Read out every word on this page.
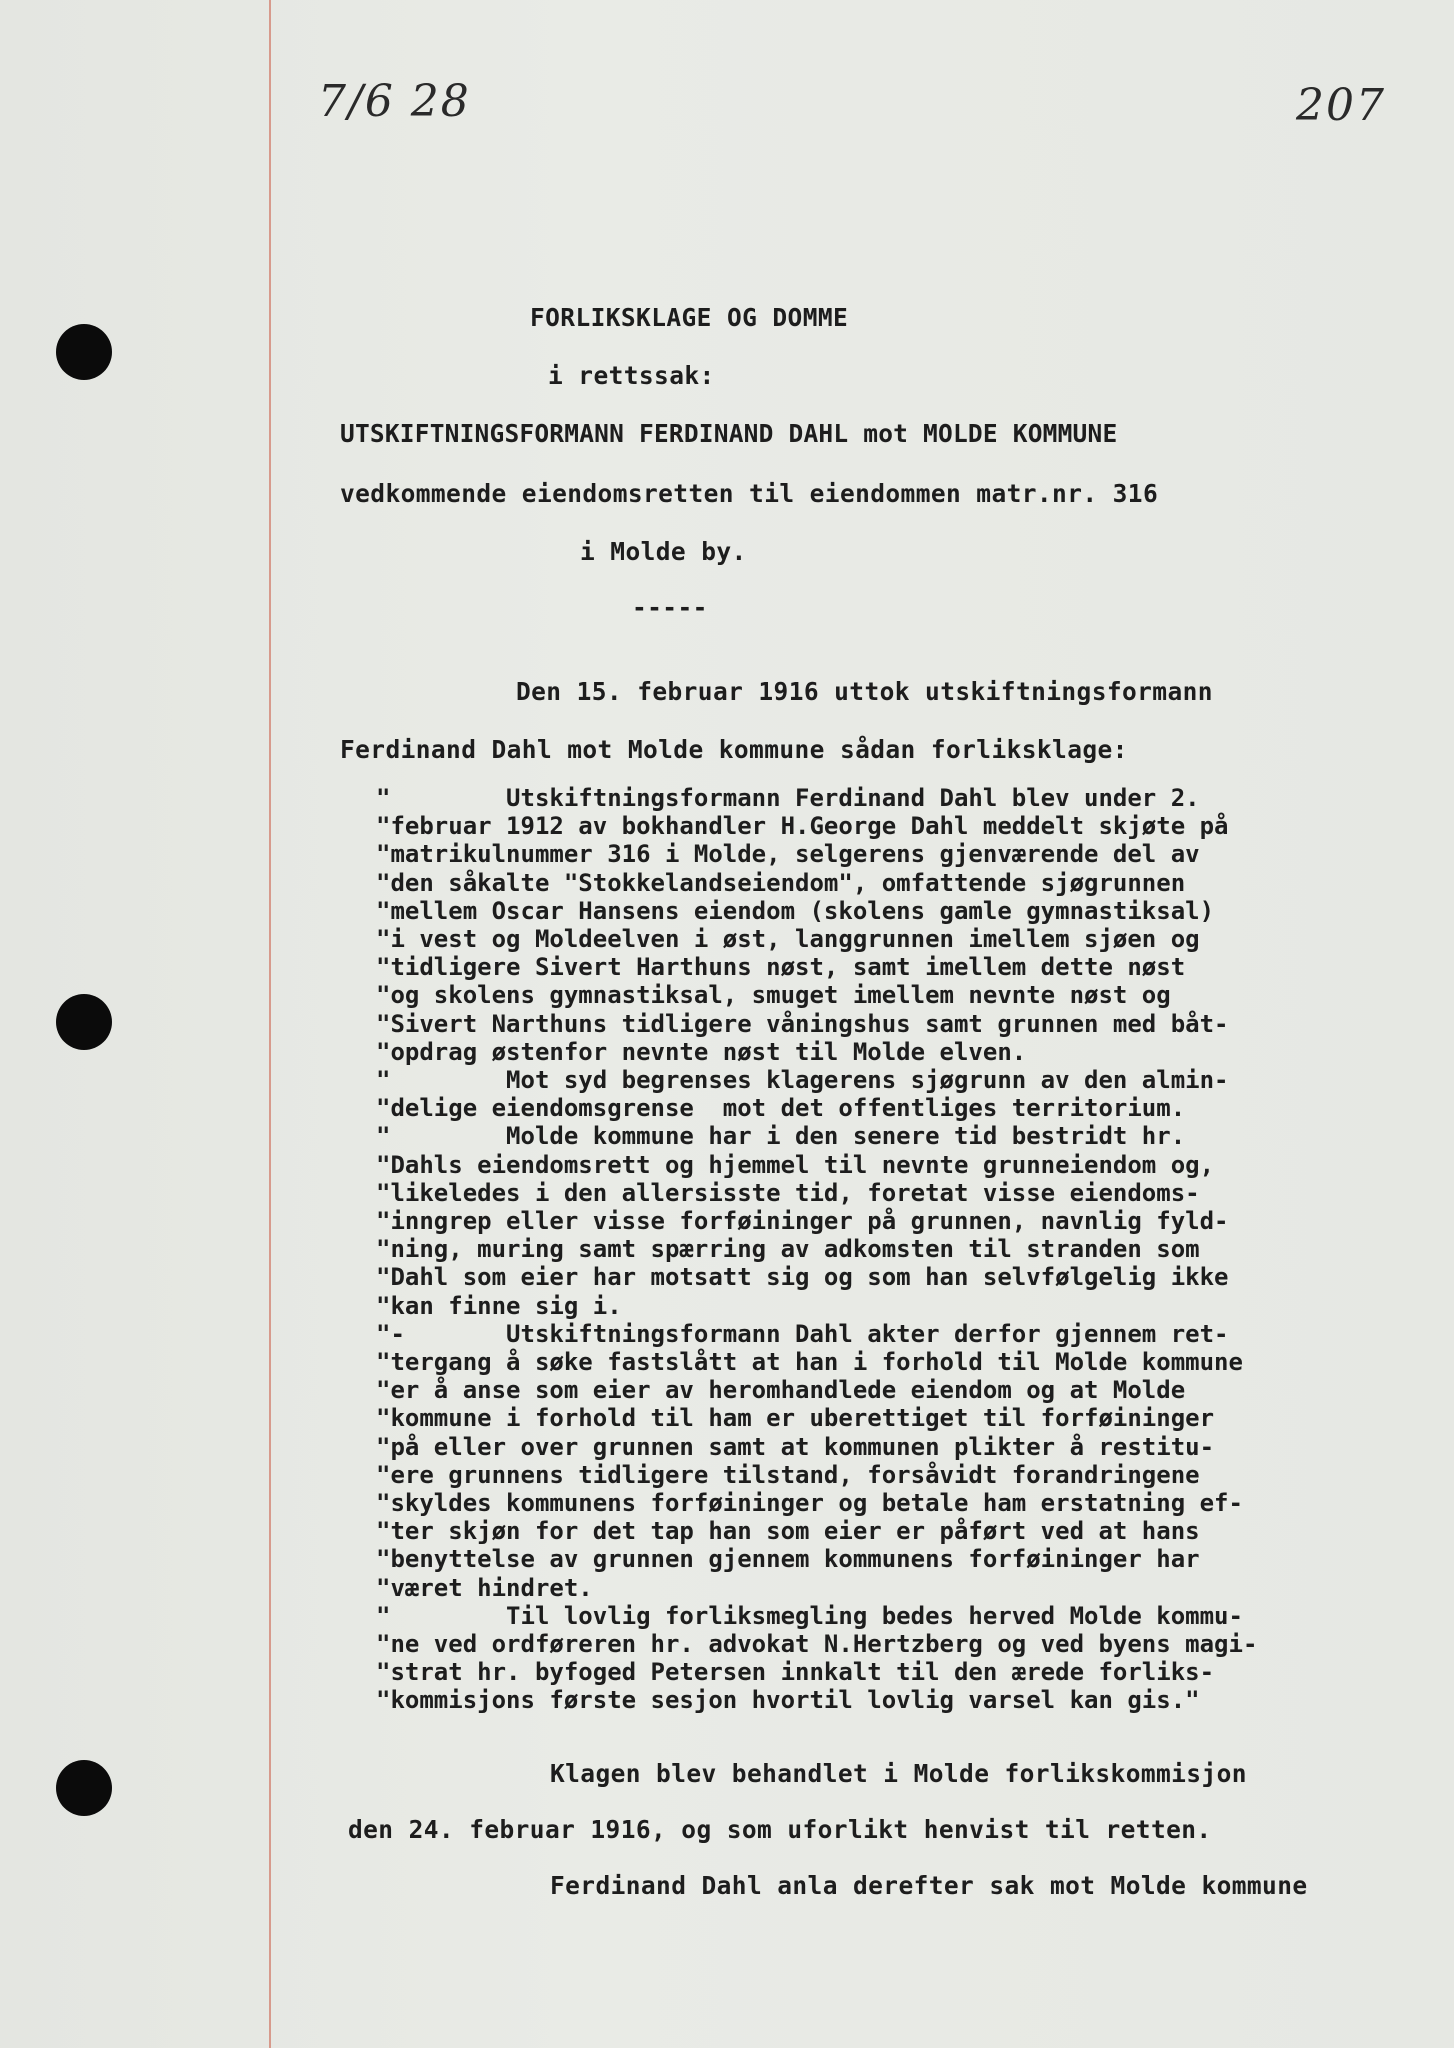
7/6 28	207
FORLIKSKLAGE OG DOMME
i rettssak:
UTSKIFTNINGSFORMANN FERDINAND DAHL mot MOLDE KOMMUNE
vedkommende eiendomsretten til eiendommen matr.nr. 316
i Molde by.
-----
Den 15. februar 1916 uttok utskiftningsformann
Ferdinand Dahl mot Molde kommune sådan forliksklage:
"        Utskiftningsformann Ferdinand Dahl blev under 2.
"februar 1912 av bokhandler H.George Dahl meddelt skjøte på
"matrikulnummer 316 i Molde, selgerens gjenværende del av
"den såkalte "Stokkelandseiendom", omfattende sjøgrunnen
"mellem Oscar Hansens eiendom (skolens gamle gymnastiksal)
"i vest og Moldeelven i øst, langgrunnen imellem sjøen og
"tidligere Sivert Harthuns nøst, samt imellem dette nøst
"og skolens gymnastiksal, smuget imellem nevnte nøst og
"Sivert Narthuns tidligere våningshus samt grunnen med båt-
"opdrag østenfor nevnte nøst til Molde elven.
"        Mot syd begrenses klagerens sjøgrunn av den almin-
"delige eiendomsgrense  mot det offentliges territorium.
"        Molde kommune har i den senere tid bestridt hr.
"Dahls eiendomsrett og hjemmel til nevnte grunneiendom og,
"likeledes i den allersisste tid, foretat visse eiendoms-
"inngrep eller visse forføininger på grunnen, navnlig fyld-
"ning, muring samt spærring av adkomsten til stranden som
"Dahl som eier har motsatt sig og som han selvfølgelig ikke
"kan finne sig i.
"-       Utskiftningsformann Dahl akter derfor gjennem ret-
"tergang å søke fastslått at han i forhold til Molde kommune
"er å anse som eier av heromhandlede eiendom og at Molde
"kommune i forhold til ham er uberettiget til forføininger
"på eller over grunnen samt at kommunen plikter å restitu-
"ere grunnens tidligere tilstand, forsåvidt forandringene
"skyldes kommunens forføininger og betale ham erstatning ef-
"ter skjøn for det tap han som eier er påført ved at hans
"benyttelse av grunnen gjennem kommunens forføininger har
"været hindret.
"        Til lovlig forliksmegling bedes herved Molde kommu-
"ne ved ordføreren hr. advokat N.Hertzberg og ved byens magi-
"strat hr. byfoged Petersen innkalt til den ærede forliks-
"kommisjons første sesjon hvortil lovlig varsel kan gis."
Klagen blev behandlet i Molde forlikskommisjon
den 24. februar 1916, og som uforlikt henvist til retten.
Ferdinand Dahl anla derefter sak mot Molde kommune
